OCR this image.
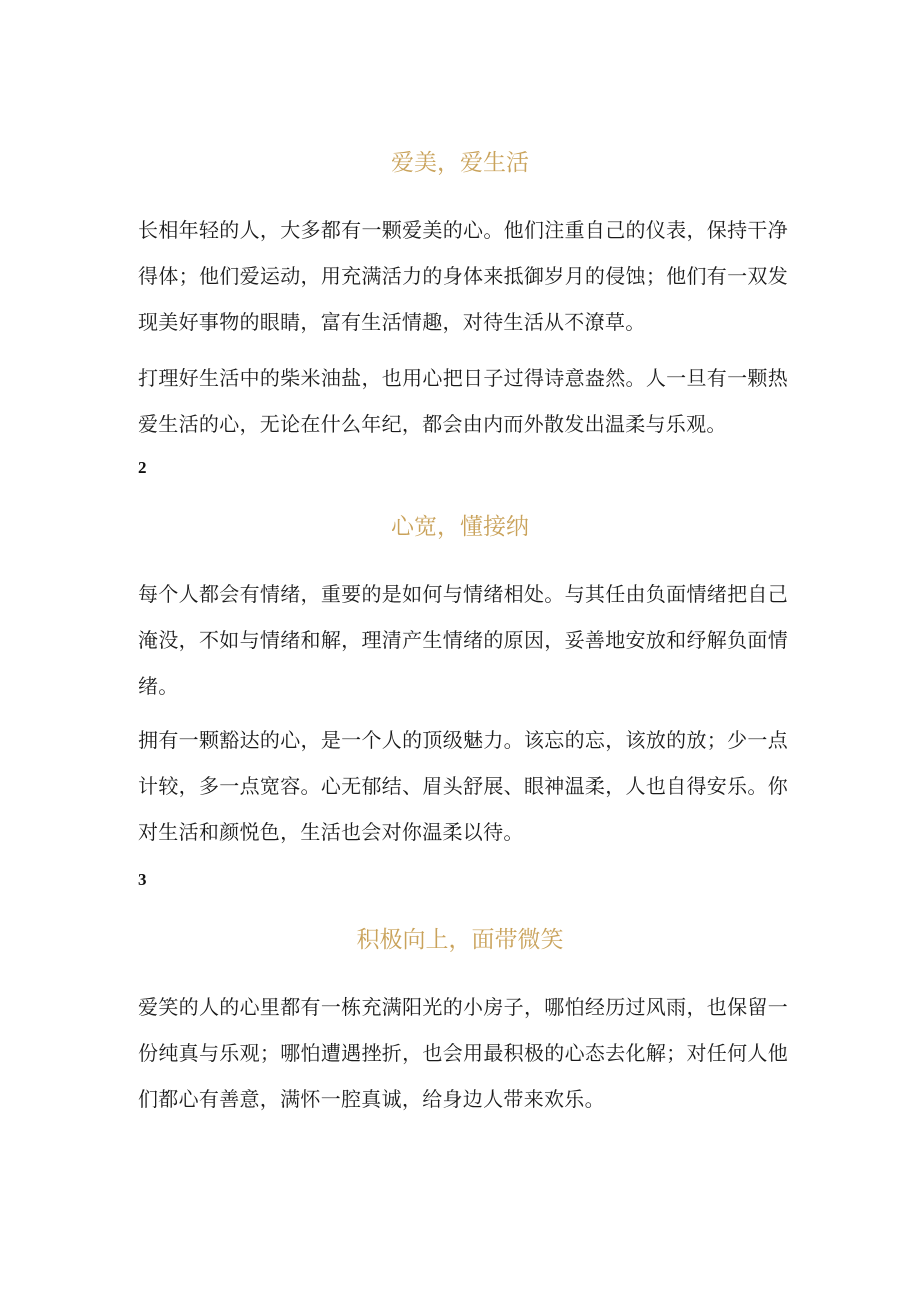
爱美，爱生活

长相年轻的人，大多都有一颗爱美的心。他们注重自己的仪表，保持干净得体；他们爱运动，用充满活力的身体来抵御岁月的侵蚀；他们有一双发现美好事物的眼睛，富有生活情趣，对待生活从不潦草。

打理好生活中的柴米油盐，也用心把日子过得诗意盎然。人一旦有一颗热爱生活的心，无论在什么年纪，都会由内而外散发出温柔与乐观。

2

心宽，懂接纳

每个人都会有情绪，重要的是如何与情绪相处。与其任由负面情绪把自己淹没，不如与情绪和解，理清产生情绪的原因，妥善地安放和纾解负面情绪。

拥有一颗豁达的心，是一个人的顶级魅力。该忘的忘，该放的放；少一点计较，多一点宽容。心无郁结、眉头舒展、眼神温柔，人也自得安乐。你对生活和颜悦色，生活也会对你温柔以待。

3

积极向上，面带微笑

爱笑的人的心里都有一栋充满阳光的小房子，哪怕经历过风雨，也保留一份纯真与乐观；哪怕遭遇挫折，也会用最积极的心态去化解；对任何人他们都心有善意，满怀一腔真诚，给身边人带来欢乐。
